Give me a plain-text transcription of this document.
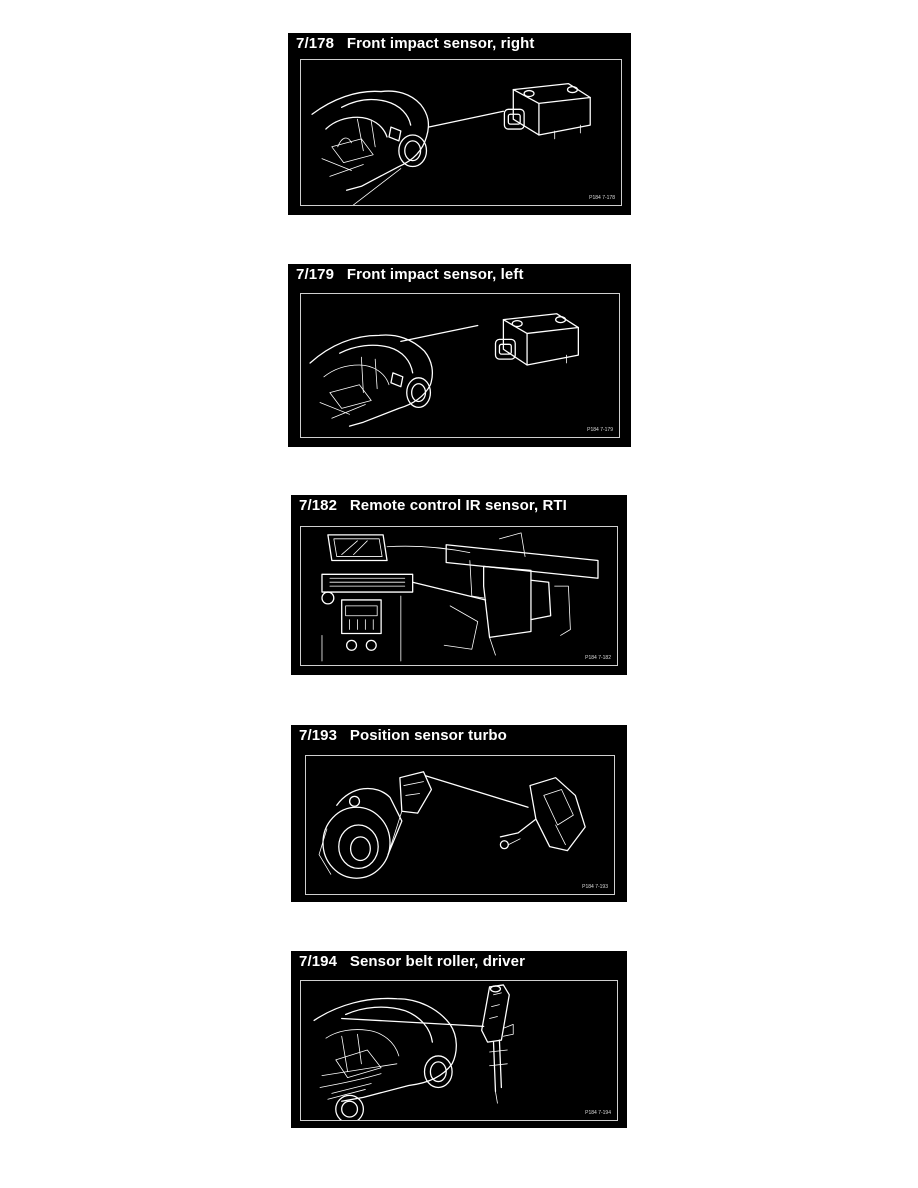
7/178   Front impact sensor, right
P184 7-178
7/179   Front impact sensor, left
P184 7-179
7/182   Remote control IR sensor, RTI
P184 7-182
7/193   Position sensor turbo
P184 7-193
7/194   Sensor belt roller, driver
P184 7-194
